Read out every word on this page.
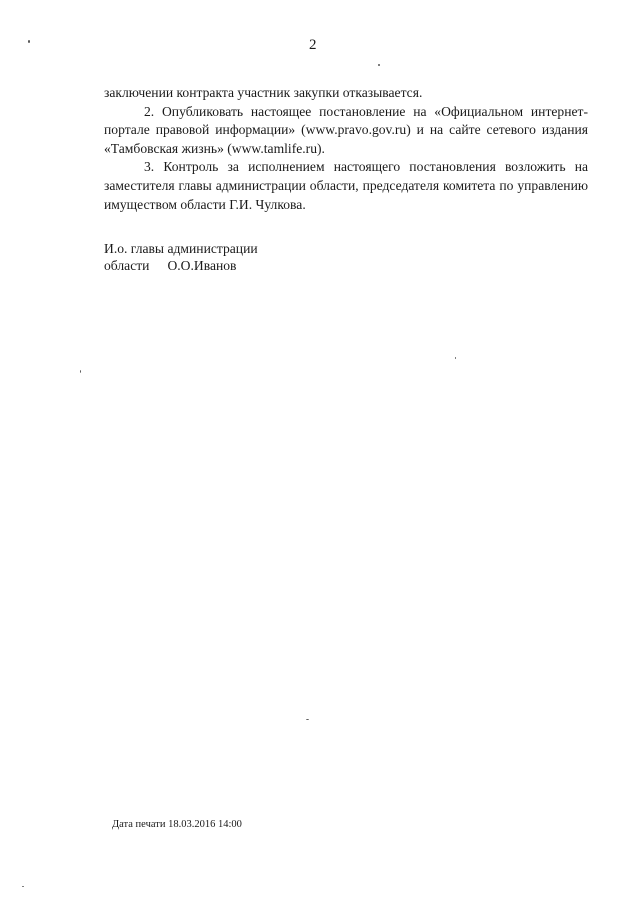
2

заключении контракта участник закупки отказывается.

2. Опубликовать настоящее постановление на «Официальном интернет-портале правовой информации» (www.pravo.gov.ru) и на сайте сетевого издания «Тамбовская жизнь» (www.tamlife.ru).

3. Контроль за исполнением настоящего постановления возложить на заместителя главы администрации области, председателя комитета по управлению имуществом области Г.И. Чулкова.

И.о. главы администрации
области О.О.Иванов
Дата печати 18.03.2016 14:00
